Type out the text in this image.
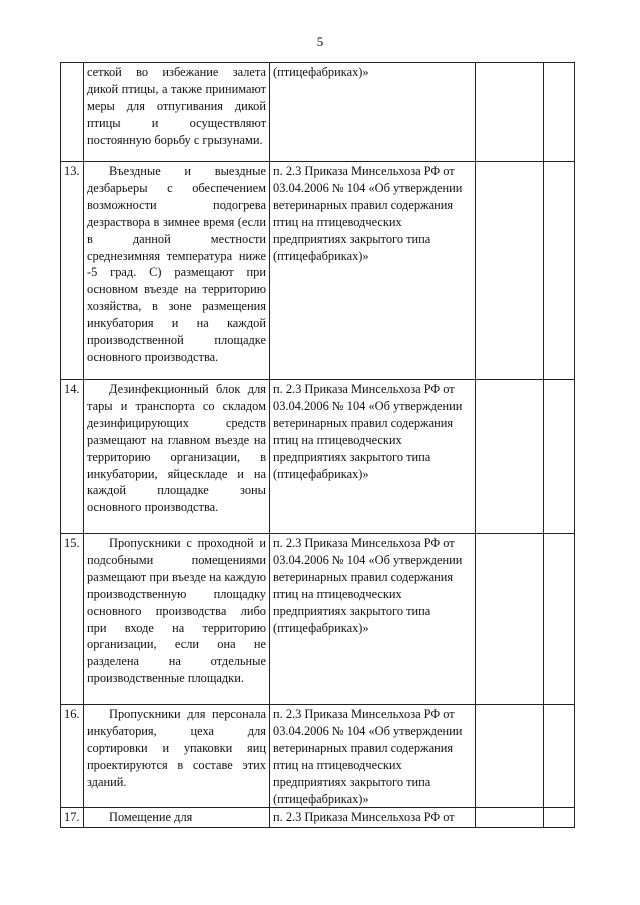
5
	сеткой во избежание залета дикой птицы, а также принимают меры для отпугивания дикой птицы и осуществляют постоянную борьбу с грызунами.	(птицефабриках)»		
13.	Въездные и выездные дезбарьеры с обеспечением возможности подогрева дезраствора в зимнее время (если в данной местности среднезимняя температура ниже -5 град. С) размещают при основном въезде на территорию хозяйства, в зоне размещения инкубатория и на каждой производственной площадке основного производства.	п. 2.3 Приказа Минсельхоза РФ от 03.04.2006 № 104 «Об утверждении ветеринарных правил содержания птиц на птицеводческих предприятиях закрытого типа (птицефабриках)»		
14.	Дезинфекционный блок для тары и транспорта со складом дезинфицирующих средств размещают на главном въезде на территорию организации, в инкубатории, яйцескладе и на каждой площадке зоны основного производства.	п. 2.3 Приказа Минсельхоза РФ от 03.04.2006 № 104 «Об утверждении ветеринарных правил содержания птиц на птицеводческих предприятиях закрытого типа (птицефабриках)»		
15.	Пропускники с проходной и подсобными помещениями размещают при въезде на каждую производственную площадку основного производства либо при входе на территорию организации, если она не разделена на отдельные производственные площадки.	п. 2.3 Приказа Минсельхоза РФ от 03.04.2006 № 104 «Об утверждении ветеринарных правил содержания птиц на птицеводческих предприятиях закрытого типа (птицефабриках)»		
16.	Пропускники для персонала инкубатория, цеха для сортировки и упаковки яиц проектируются в составе этих зданий.	п. 2.3 Приказа Минсельхоза РФ от 03.04.2006 № 104 «Об утверждении ветеринарных правил содержания птиц на птицеводческих предприятиях закрытого типа (птицефабриках)»		
17.	Помещение для	п. 2.3 Приказа Минсельхоза РФ от		
